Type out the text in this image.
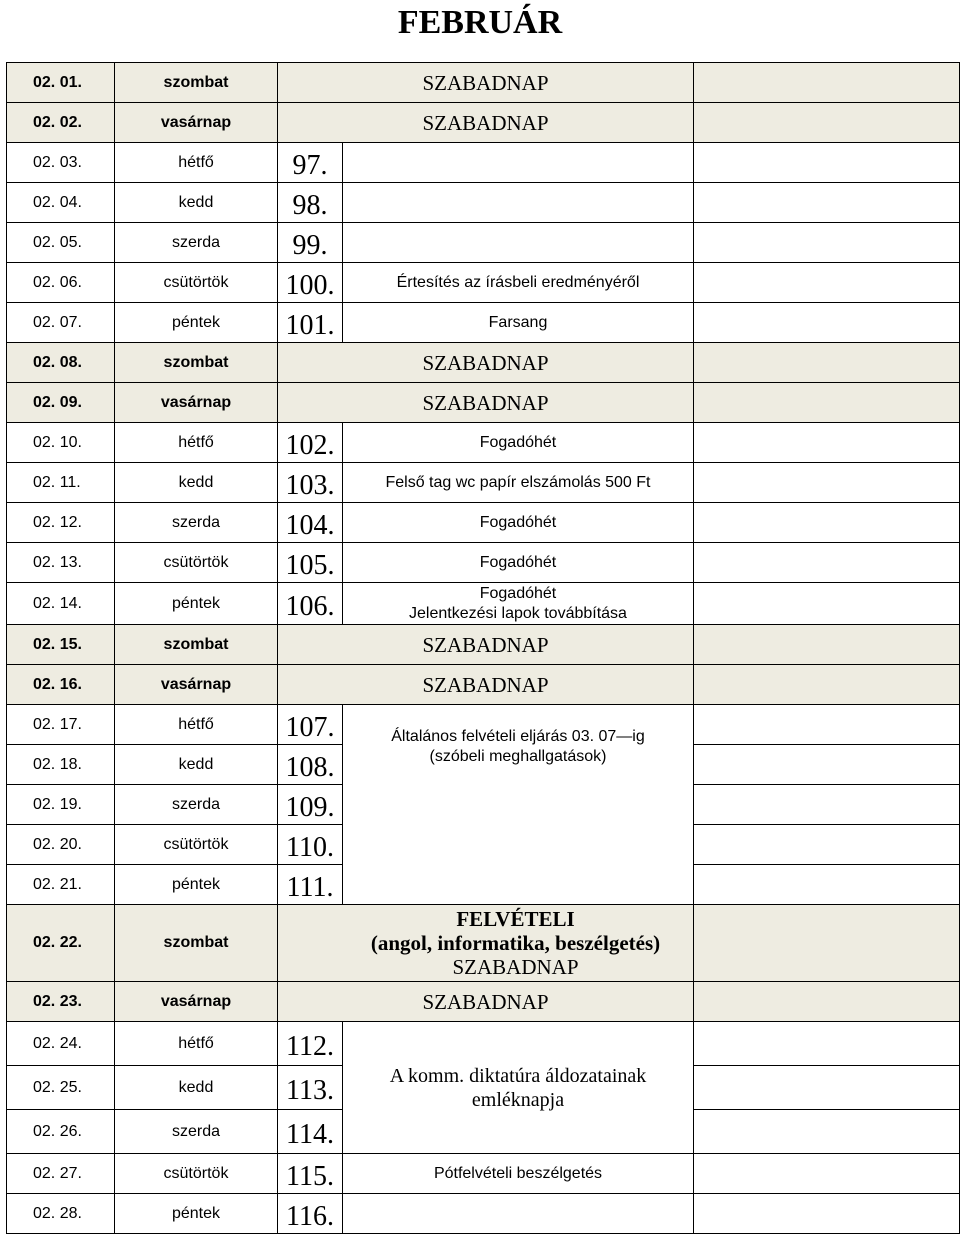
FEBRUÁR
02. 01.	szombat	SZABADNAP		
02. 02.	vasárnap	SZABADNAP		
02. 03.	hétfő	97.		
02. 04.	kedd	98.		
02. 05.	szerda	99.		
02. 06.	csütörtök	100.	Értesítés az írásbeli eredményéről	
02. 07.	péntek	101.	Farsang	
02. 08.	szombat	SZABADNAP		
02. 09.	vasárnap	SZABADNAP		
02. 10.	hétfő	102.	Fogadóhét	
02. 11.	kedd	103.	Felső tag wc papír elszámolás 500 Ft	
02. 12.	szerda	104.	Fogadóhét	
02. 13.	csütörtök	105.	Fogadóhét	
02. 14.	péntek	106.	Fogadóhét
Jelentkezési lapok továbbítása	

02. 15.	szombat	SZABADNAP		
02. 16.	vasárnap	SZABADNAP		
02. 17.	hétfő	107.	Általános felvételi eljárás 03. 07—ig
(szóbeli meghallgatások)	

02. 18.	kedd	108.		
02. 19.	szerda	109.		
02. 20.	csütörtök	110.		
02. 21.	péntek	111.		
02. 22.	szombat	FELVÉTELI
(angol, informatika, beszélgetés)
SZABADNAP		

02. 23.	vasárnap	SZABADNAP		
02. 24.	hétfő	112.	A komm. diktatúra áldozatainak
emléknapja	

02. 25.	kedd	113.		
02. 26.	szerda	114.		
02. 27.	csütörtök	115.	Pótfelvételi beszélgetés	
02. 28.	péntek	116.		
